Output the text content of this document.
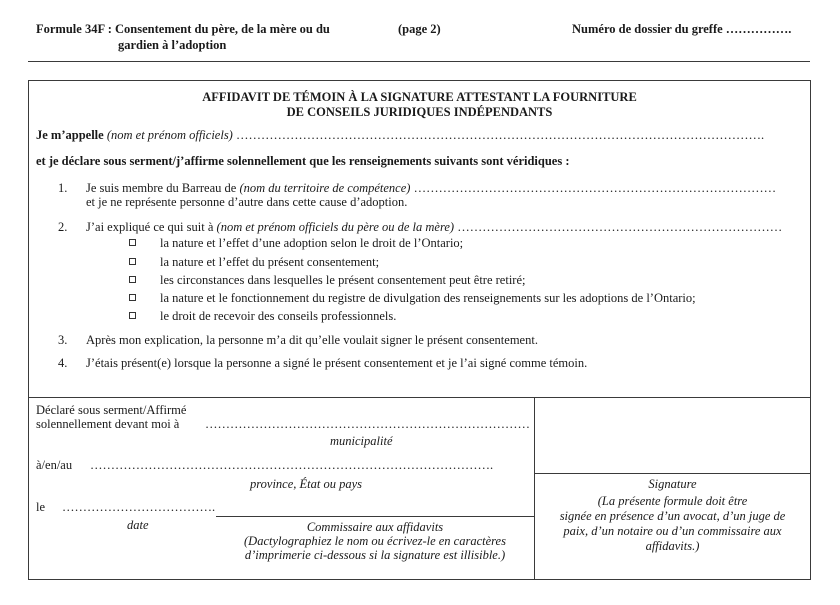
Formule 34F : Consentement du père, de la mère ou du
gardien à l’adoption
(page 2)	Numéro de dossier du greffe …………….
AFFIDAVIT DE TÉMOIN À LA SIGNATURE ATTESTANT LA FOURNITURE
DE CONSEILS JURIDIQUES INDÉPENDANTS
Je m’appelle (nom et prénom officiels) ……………………………………………………………………………………………………………….
et je déclare sous serment/j’affirme solennellement que les renseignements suivants sont véridiques :
1. Je suis membre du Barreau de (nom du territoire de compétence) ……………………………………………………………………………
et je ne représente personne d’autre dans cette cause d’adoption.
2. J’ai expliqué ce qui suit à (nom et prénom officiels du père ou de la mère) ……………………………………………………………………
la nature et l’effet d’une adoption selon le droit de l’Ontario;
la nature et l’effet du présent consentement;
les circonstances dans lesquelles le présent consentement peut être retiré;
la nature et le fonctionnement du registre de divulgation des renseignements sur les adoptions de l’Ontario;
le droit de recevoir des conseils professionnels.
3. Après mon explication, la personne m’a dit qu’elle voulait signer le présent consentement.
4. J’étais présent(e) lorsque la personne a signé le présent consentement et je l’ai signé comme témoin.
Déclaré sous serment/Affirmé
solennellement devant moi à ……………………………………………………………………
municipalité
à/en/au …………………………………………………………………………………….
province, État ou pays
le ……………………………….
date	Commissaire aux affidavits
(Dactylographiez le nom ou écrivez-le en caractères
d’imprimerie ci-dessous si la signature est illisible.)
Signature
(La présente formule doit être
signée en présence d’un avocat, d’un juge de
paix, d’un notaire ou d’un commissaire aux
affidavits.)
